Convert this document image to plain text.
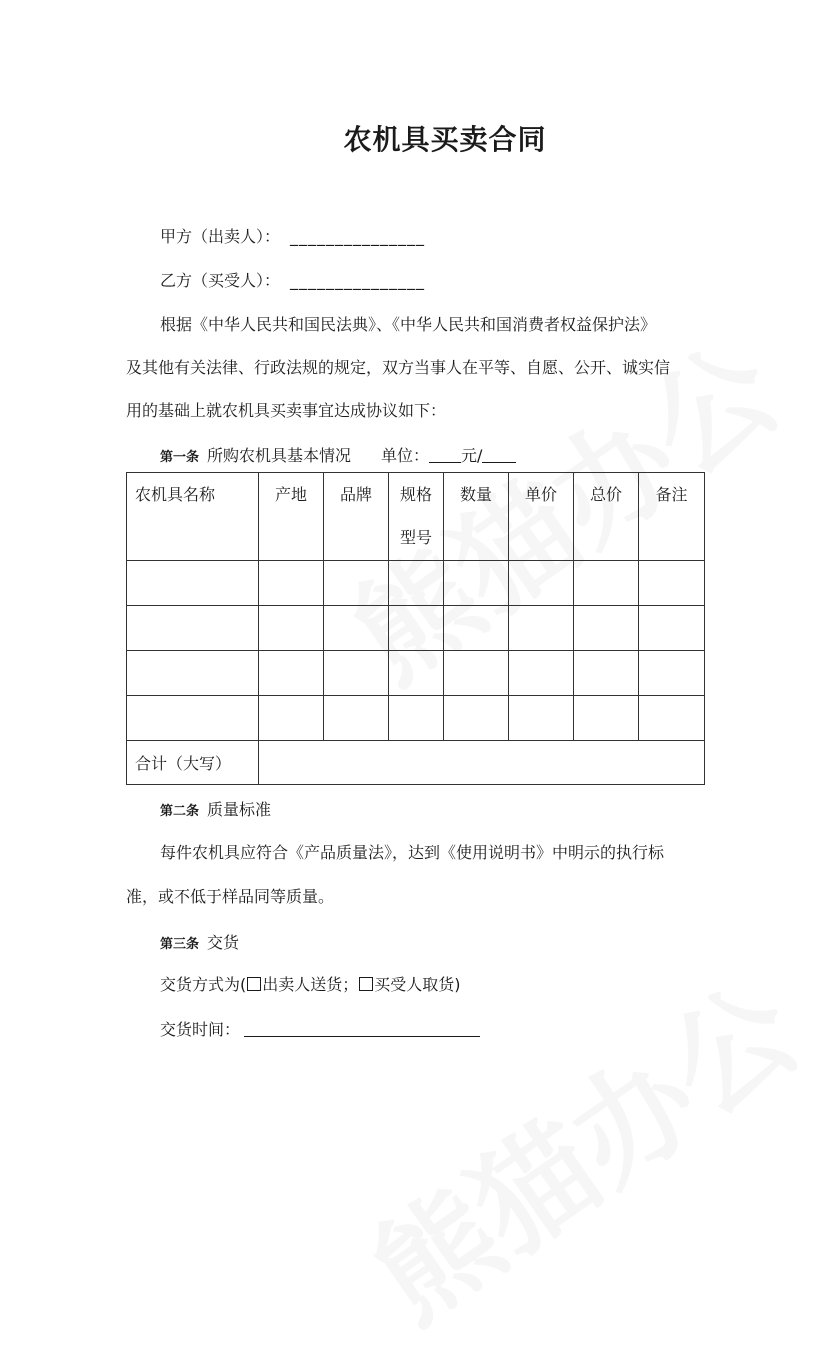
农机具买卖合同
甲方（出卖人）： _______________
乙方（买受人）： _______________
根据《中华人民共和国民法典》、《中华人民共和国消费者权益保护法》
及其他有关法律、行政法规的规定，双方当事人在平等、自愿、公开、诚实信
用的基础上就农机具买卖事宜达成协议如下：
第一条 所购农机具基本情况 单位： 元/
农机具名称	产地	品牌	规格型号	数量	单价	总价	备注

合计（大写）							

第二条 质量标准
每件农机具应符合《产品质量法》，达到《使用说明书》中明示的执行标
准，或不低于样品同等质量。
第三条 交货
交货方式为( 出卖人送货； 买受人取货)
交货时间：
